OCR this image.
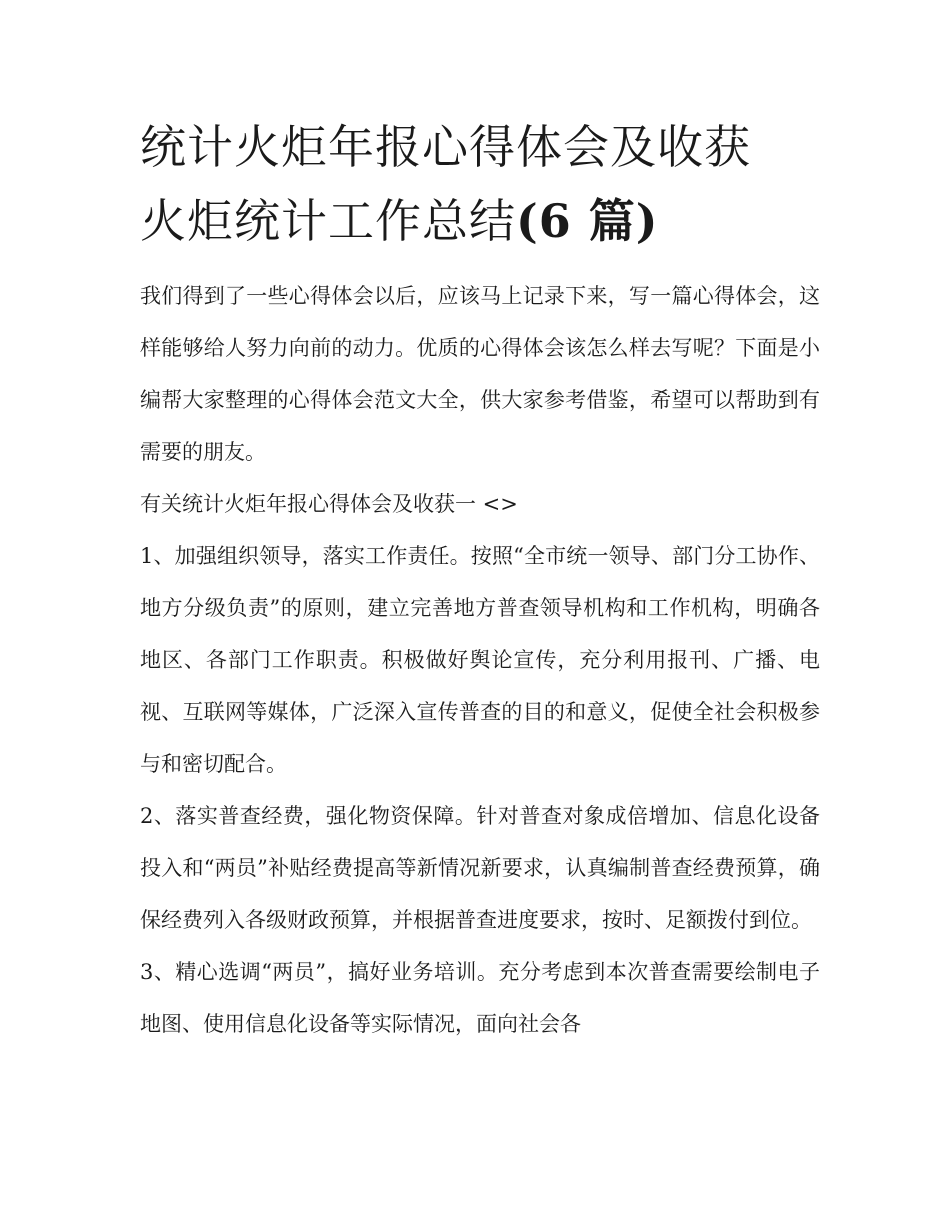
统计火炬年报心得体会及收获
火炬统计工作总结(6 篇)

我们得到了一些心得体会以后，应该马上记录下来，写一篇心得体会，这样能够给人努力向前的动力。优质的心得体会该怎么样去写呢？下面是小编帮大家整理的心得体会范文大全，供大家参考借鉴，希望可以帮助到有需要的朋友。

有关统计火炬年报心得体会及收获一 <>

1、加强组织领导，落实工作责任。按照“全市统一领导、部门分工协作、地方分级负责”的原则，建立完善地方普查领导机构和工作机构，明确各地区、各部门工作职责。积极做好舆论宣传，充分利用报刊、广播、电视、互联网等媒体，广泛深入宣传普查的目的和意义，促使全社会积极参与和密切配合。

2、落实普查经费，强化物资保障。针对普查对象成倍增加、信息化设备投入和“两员”补贴经费提高等新情况新要求，认真编制普查经费预算，确保经费列入各级财政预算，并根据普查进度要求，按时、足额拨付到位。

3、精心选调“两员”，搞好业务培训。充分考虑到本次普查需要绘制电子地图、使用信息化设备等实际情况，面向社会各
